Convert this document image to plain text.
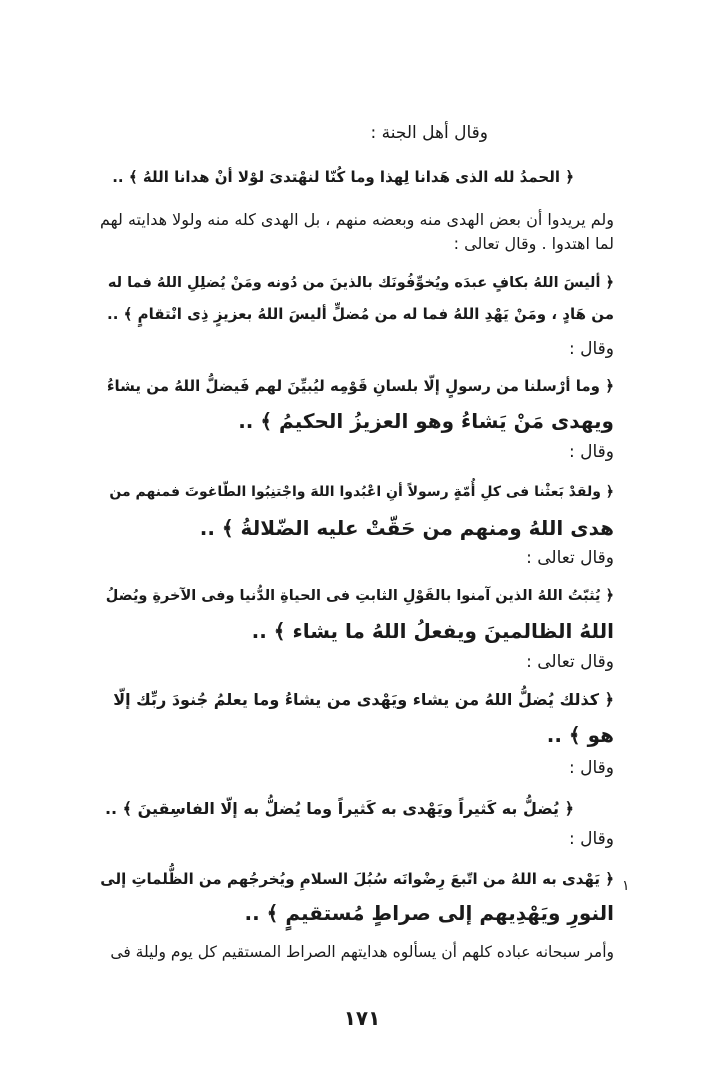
وقال أهل الجنة :
﴿ الحمدُ لله الذى هَدانا لِهذا وما كُنّا لنهْتدىَ لوْلا أنْ هدانا اللهُ ﴾ ..
ولم يريدوا أن بعض الهدى منه وبعضه منهم ، بل الهدى كله منه ولولا هدايته لهم
لما اهتدوا . وقال تعالى :
﴿ أليسَ اللهُ بكافٍ عبدَه ويُخوِّفُونَك بالذينَ من دُونه ومَنْ يُضلِلِ اللهُ فما له
من هَادٍ ، ومَنْ يَهْدِ اللهُ فما له من مُضلٍّ أليسَ اللهُ بعزيزٍ ذِى انْتقامٍ ﴾ ..
وقال :
﴿ وما أرْسلنا من رسولٍ إلّا بلسانِ قَوْمِه ليُبيِّنَ لهم فَيضلُّ اللهُ من يشاءُ
ويهدى مَنْ يَشاءُ وهو العزيزُ الحكيمُ ﴾ ..
وقال :
﴿ ولقدْ بَعثْنا فى كلِ أُمّةٍ رسولاً أنِ اعْبُدوا اللهَ واجْتنِبُوا الطّاغوتَ فمنهم من
هدى اللهُ ومنهم من حَقّتْ عليه الضّلالةُ ﴾ ..
وقال تعالى :
﴿ يُثبّتُ اللهُ الذين آمنوا بالقَوْلِ الثابتِ فى الحياةِ الدُّنيا وفى الآخرةِ ويُضلُ
اللهُ الظالمينَ ويفعلُ اللهُ ما يشاء ﴾ ..
وقال تعالى :
﴿ كذلك يُضلُّ اللهُ من يشاء ويَهْدى من يشاءُ وما يعلمُ جُنودَ ربِّك إلّا
هو ﴾ ..
وقال :
﴿ يُضلُّ به كَثيراً ويَهْدى به كَثيراً وما يُضلُّ به إلّا الفاسِقينَ ﴾ ..
وقال :
﴿ يَهْدى به اللهُ من اتّبعَ رِضْوانَه سُبُلَ السلامِ ويُخرجُهم من الظُّلماتِ إلى
النورِ ويَهْدِيهم إلى صراطٍ مُستقيمٍ ﴾ ..
وأمر سبحانه عباده كلهم أن يسألوه هدايتهم الصراط المستقيم كل يوم وليلة فى
١
١٧١
